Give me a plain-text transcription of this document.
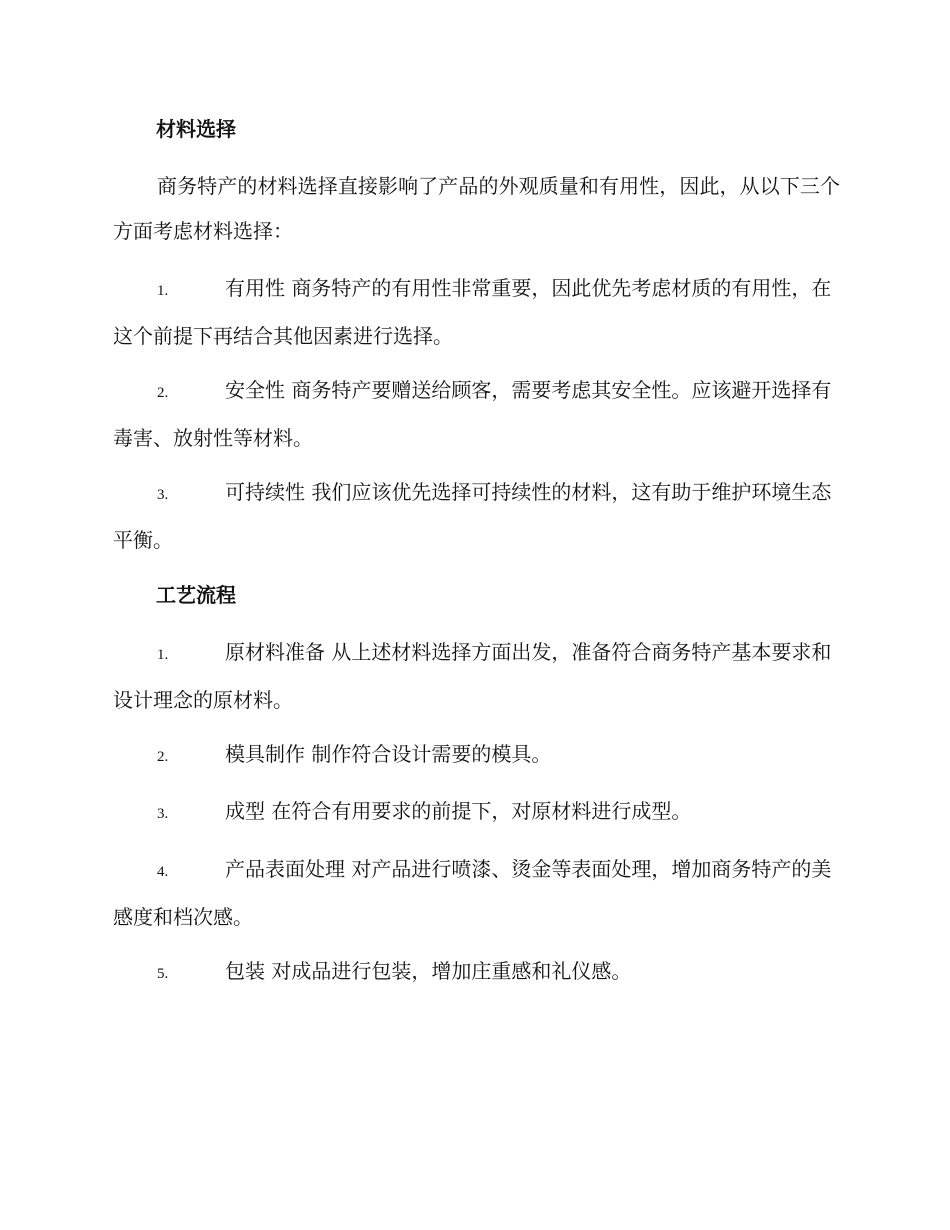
材料选择
商务特产的材料选择直接影响了产品的外观质量和有用性，因此，从以下三个方面考虑材料选择：
1.	有用性 商务特产的有用性非常重要，因此优先考虑材质的有用性，在这个前提下再结合其他因素进行选择。
2.	安全性 商务特产要赠送给顾客，需要考虑其安全性。应该避开选择有毒害、放射性等材料。
3.	可持续性 我们应该优先选择可持续性的材料，这有助于维护环境生态平衡。
工艺流程
1.	原材料准备 从上述材料选择方面出发，准备符合商务特产基本要求和设计理念的原材料。
2.	模具制作 制作符合设计需要的模具。
3.	成型 在符合有用要求的前提下，对原材料进行成型。
4.	产品表面处理 对产品进行喷漆、烫金等表面处理，增加商务特产的美感度和档次感。
5.	包装 对成品进行包装，增加庄重感和礼仪感。
